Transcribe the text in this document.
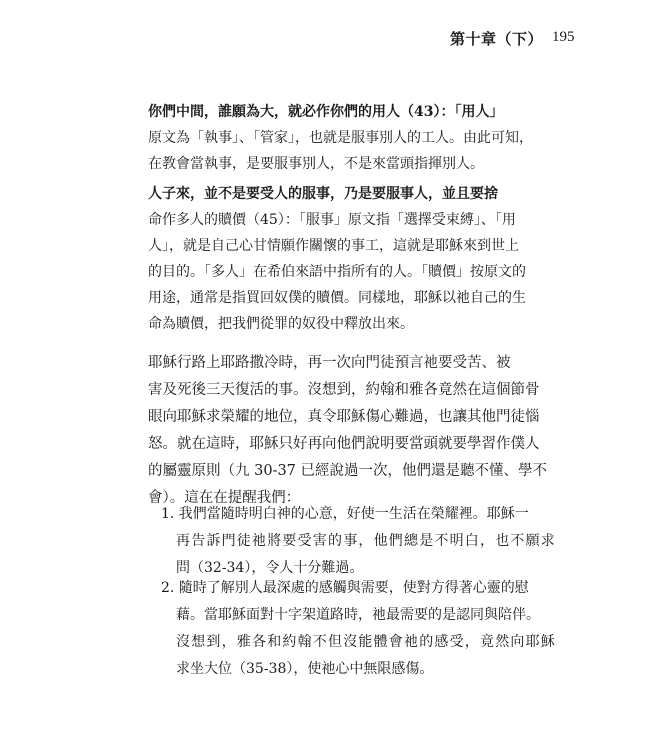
第十章（下） 195
你們中間，誰願為大，就必作你們的用人（43）：「用人」
原文為「執事」、「管家」，也就是服事別人的工人。由此可知，
在教會當執事，是要服事別人，不是來當頭指揮別人。
人子來，並不是要受人的服事，乃是要服事人，並且要捨
命作多人的贖價（45）：「服事」原文指「選擇受束縛」、「用
人」，就是自己心甘情願作關懷的事工，這就是耶穌來到世上
的目的。「多人」在希伯來語中指所有的人。「贖價」按原文的
用途，通常是指買回奴僕的贖價。同樣地，耶穌以祂自己的生
命為贖價，把我們從罪的奴役中釋放出來。
耶穌行路上耶路撒冷時，再一次向門徒預言祂要受苦、被
害及死後三天復活的事。沒想到，約翰和雅各竟然在這個節骨
眼向耶穌求榮耀的地位，真令耶穌傷心難過，也讓其他門徒惱
怒。就在這時，耶穌只好再向他們說明要當頭就要學習作僕人
的屬靈原則（九 30-37 已經說過一次，他們還是聽不懂、學不
會）。這在在提醒我們：
1. 我們當隨時明白神的心意，好使一生活在榮耀裡。耶穌一
再告訴門徒祂將要受害的事，他們總是不明白，也不願求
問（32-34），令人十分難過。
2. 隨時了解別人最深處的感觸與需要，使對方得著心靈的慰
藉。當耶穌面對十字架道路時，祂最需要的是認同與陪伴。
沒想到，雅各和約翰不但沒能體會祂的感受，竟然向耶穌
求坐大位（35-38），使祂心中無限感傷。
